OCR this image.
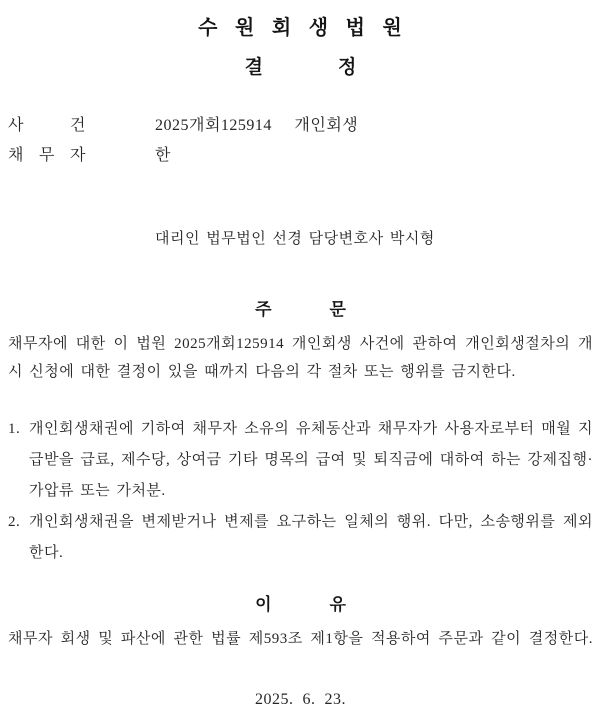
수 원 회 생 법 원
결	정
사	건	2025개회125914 개인회생
채 무 자	한
대리인 법무법인 선경 담당변호사 박시형
주	문
채무자에 대한 이 법원 2025개회125914 개인회생 사건에 관하여 개인회생절차의 개시 신청에 대한 결정이 있을 때까지 다음의 각 절차 또는 행위를 금지한다.
1. 개인회생채권에 기하여 채무자 소유의 유체동산과 채무자가 사용자로부터 매월 지급받을 급료, 제수당, 상여금 기타 명목의 급여 및 퇴직금에 대하여 하는 강제집행·가압류 또는 가처분.
2. 개인회생채권을 변제받거나 변제를 요구하는 일체의 행위. 다만, 소송행위를 제외한다.
이	유
채무자 회생 및 파산에 관한 법률 제593조 제1항을 적용하여 주문과 같이 결정한다.
2025.  6.  23.
